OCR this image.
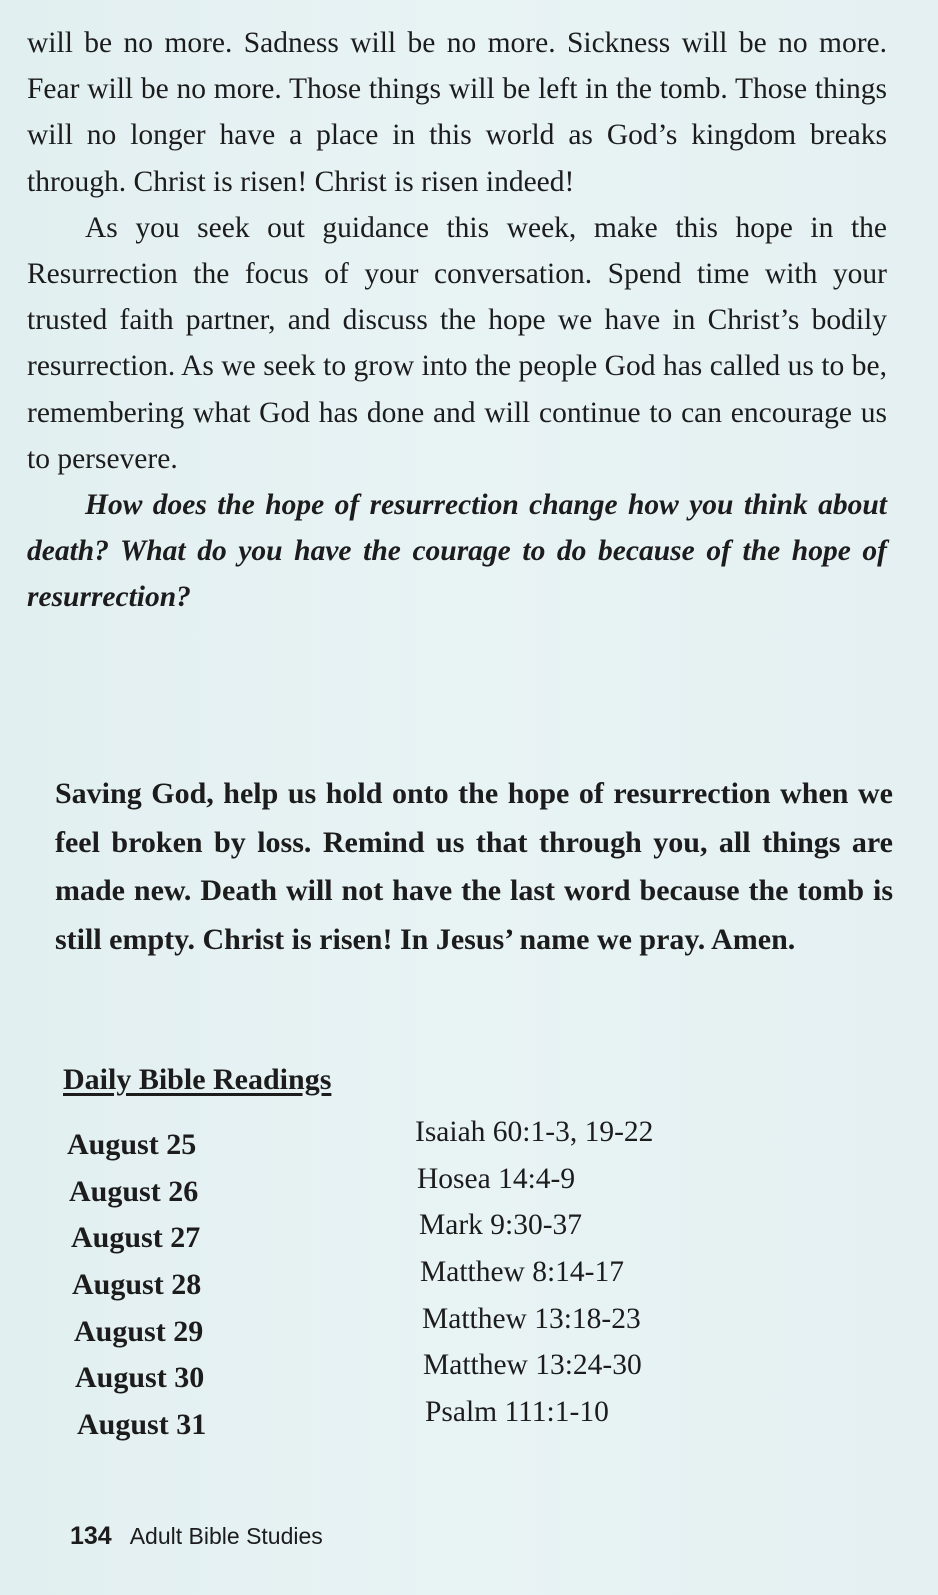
will be no more. Sadness will be no more. Sickness will be no more. Fear will be no more. Those things will be left in the tomb. Those things will no longer have a place in this world as God’s kingdom breaks through. Christ is risen! Christ is risen indeed!

As you seek out guidance this week, make this hope in the Resurrection the focus of your conversation. Spend time with your trusted faith partner, and discuss the hope we have in Christ’s bodily resurrection. As we seek to grow into the people God has called us to be, remembering what God has done and will continue to can encourage us to persevere.

How does the hope of resurrection change how you think about death? What do you have the courage to do because of the hope of resurrection?

Saving God, help us hold onto the hope of resurrection when we feel broken by loss. Remind us that through you, all things are made new. Death will not have the last word because the tomb is still empty. Christ is risen! In Jesus’ name we pray. Amen.

Daily Bible Readings
August 25	Isaiah 60:1-3, 19-22
August 26	Hosea 14:4-9
August 27	Mark 9:30-37
August 28	Matthew 8:14-17
August 29	Matthew 13:18-23
August 30	Matthew 13:24-30
August 31	Psalm 111:1-10
134 Adult Bible Studies
